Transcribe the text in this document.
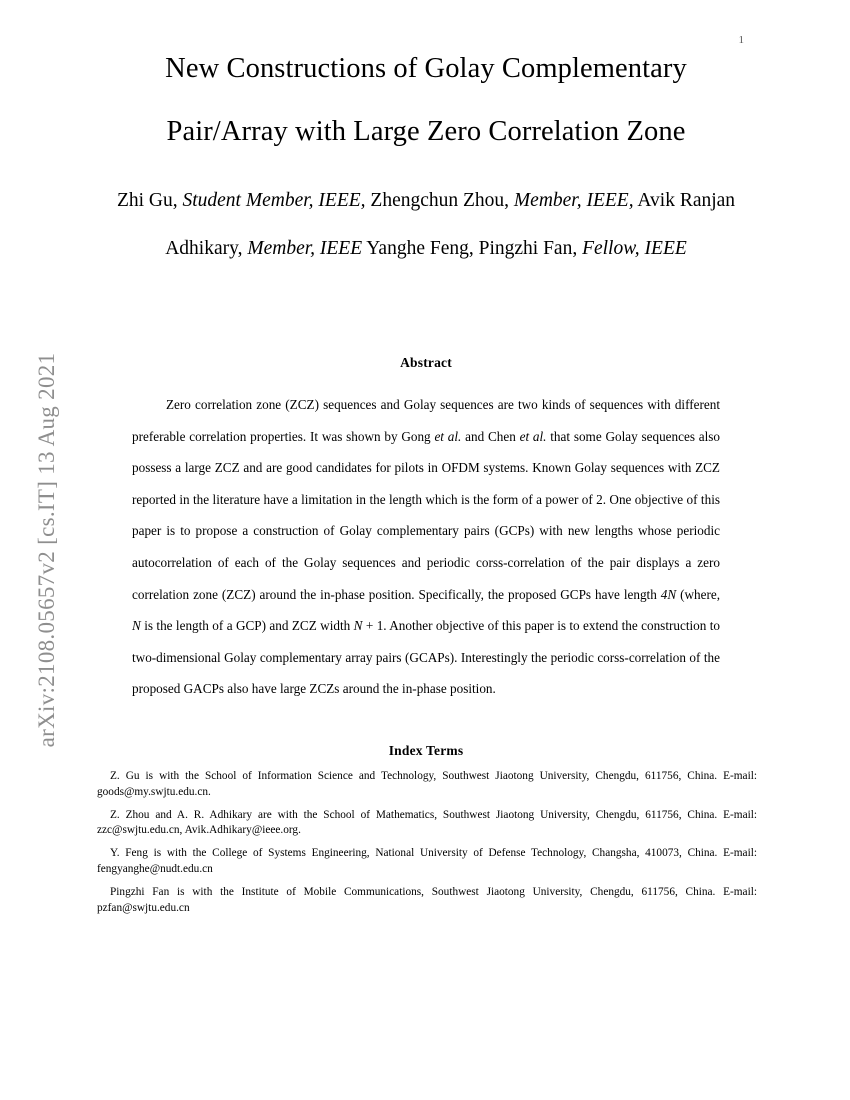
arXiv:2108.05657v2 [cs.IT] 13 Aug 2021
1
New Constructions of Golay Complementary
Pair/Array with Large Zero Correlation Zone
Zhi Gu, Student Member, IEEE, Zhengchun Zhou, Member, IEEE, Avik Ranjan
Adhikary, Member, IEEE Yanghe Feng, Pingzhi Fan, Fellow, IEEE
Abstract
Zero correlation zone (ZCZ) sequences and Golay sequences are two kinds of sequences with different preferable correlation properties. It was shown by Gong et al. and Chen et al. that some Golay sequences also possess a large ZCZ and are good candidates for pilots in OFDM systems. Known Golay sequences with ZCZ reported in the literature have a limitation in the length which is the form of a power of 2. One objective of this paper is to propose a construction of Golay complementary pairs (GCPs) with new lengths whose periodic autocorrelation of each of the Golay sequences and periodic corss-correlation of the pair displays a zero correlation zone (ZCZ) around the in-phase position. Specifically, the proposed GCPs have length 4N (where, N is the length of a GCP) and ZCZ width N + 1. Another objective of this paper is to extend the construction to two-dimensional Golay complementary array pairs (GCAPs). Interestingly the periodic corss-correlation of the proposed GACPs also have large ZCZs around the in-phase position.
Index Terms
Z. Gu is with the School of Information Science and Technology, Southwest Jiaotong University, Chengdu, 611756, China. E-mail: goods@my.swjtu.edu.cn.
Z. Zhou and A. R. Adhikary are with the School of Mathematics, Southwest Jiaotong University, Chengdu, 611756, China. E-mail: zzc@swjtu.edu.cn, Avik.Adhikary@ieee.org.
Y. Feng is with the College of Systems Engineering, National University of Defense Technology, Changsha, 410073, China. E-mail: fengyanghe@nudt.edu.cn
Pingzhi Fan is with the Institute of Mobile Communications, Southwest Jiaotong University, Chengdu, 611756, China. E-mail: pzfan@swjtu.edu.cn
